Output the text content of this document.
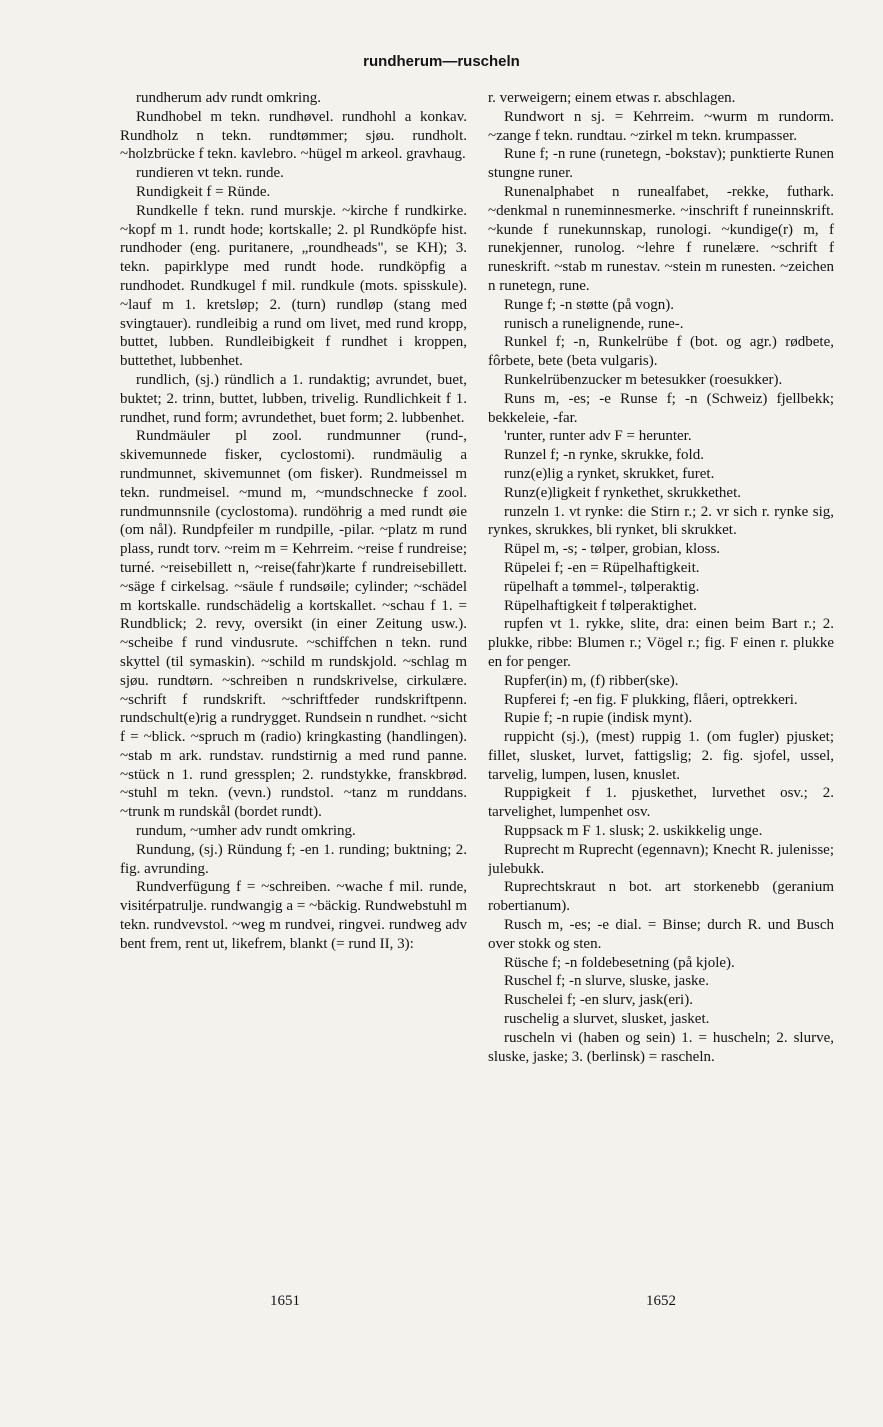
rundherum—ruscheln

rundherum adv rundt omkring.

Rundhobel m tekn. rundhøvel. rundhohl a konkav. Rundholz n tekn. rundtømmer; sjøu. rundholt. ~holzbrücke f tekn. kavlebro. ~hügel m arkeol. gravhaug.

rundieren vt tekn. runde.

Rundigkeit f = Ründe.

Rundkelle f tekn. rund murskje. ~kirche f rundkirke. ~kopf m 1. rundt hode; kortskalle; 2. pl Rundköpfe hist. rundhoder (eng. puritanere, „roundheads", se KH); 3. tekn. papirklype med rundt hode. rundköpfig a rundhodet. Rundkugel f mil. rundkule (mots. spisskule). ~lauf m 1. kretsløp; 2. (turn) rundløp (stang med svingtauer). rundleibig a rund om livet, med rund kropp, buttet, lubben. Rundleibigkeit f rundhet i kroppen, buttethet, lubbenhet.

rundlich, (sj.) ründlich a 1. rundaktig; avrundet, buet, buktet; 2. trinn, buttet, lubben, trivelig. Rundlichkeit f 1. rundhet, rund form; avrundethet, buet form; 2. lubbenhet.

Rundmäuler pl zool. rundmunner (rund-, skivemunnede fisker, cyclostomi). rundmäulig a rundmunnet, skivemunnet (om fisker). Rundmeissel m tekn. rundmeisel. ~mund m, ~mundschnecke f zool. rundmunnsnile (cyclostoma). rundöhrig a med rundt øie (om nål). Rundpfeiler m rundpille, -pilar. ~platz m rund plass, rundt torv. ~reim m = Kehrreim. ~reise f rundreise; turné. ~reisebillett n, ~reise(fahr)karte f rundreisebillett. ~säge f cirkelsag. ~säule f rundsøile; cylinder; ~schädel m kortskalle. rundschädelig a kortskallet. ~schau f 1. = Rundblick; 2. revy, oversikt (in einer Zeitung usw.). ~scheibe f rund vindusrute. ~schiffchen n tekn. rund skyttel (til symaskin). ~schild m rundskjold. ~schlag m sjøu. rundtørn. ~schreiben n rundskrivelse, cirkulære. ~schrift f rundskrift. ~schriftfeder rundskriftpenn. rundschult(e)rig a rundrygget. Rundsein n rundhet. ~sicht f = ~blick. ~spruch m (radio) kringkasting (handlingen). ~stab m ark. rundstav. rundstirnig a med rund panne. ~stück n 1. rund gressplen; 2. rundstykke, franskbrød. ~stuhl m tekn. (vevn.) rundstol. ~tanz m runddans. ~trunk m rundskål (bordet rundt).

rundum, ~umher adv rundt omkring.

Rundung, (sj.) Ründung f; -en 1. runding; buktning; 2. fig. avrunding.

Rundverfügung f = ~schreiben. ~wache f mil. runde, visitérpatrulje. rundwangig a = ~bäckig. Rundwebstuhl m tekn. rundvevstol. ~weg m rundvei, ringvei. rundweg adv bent frem, rent ut, likefrem, blankt (= rund II, 3):

r. verweigern; einem etwas r. abschlagen.

Rundwort n sj. = Kehrreim. ~wurm m rundorm. ~zange f tekn. rundtau. ~zirkel m tekn. krumpasser.

Rune f; -n rune (runetegn, -bokstav); punktierte Runen stungne runer.

Runenalphabet n runealfabet, -rekke, futhark. ~denkmal n runeminnesmerke. ~inschrift f runeinnskrift. ~kunde f runekunnskap, runologi. ~kundige(r) m, f runekjenner, runolog. ~lehre f runelære. ~schrift f runeskrift. ~stab m runestav. ~stein m runesten. ~zeichen n runetegn, rune.

Runge f; -n støtte (på vogn).

runisch a runelignende, rune-.

Runkel f; -n, Runkelrübe f (bot. og agr.) rødbete, fôrbete, bete (beta vulgaris).

Runkelrübenzucker m betesukker (roesukker).

Runs m, -es; -e Runse f; -n (Schweiz) fjellbekk; bekkeleie, -far.

'runter, runter adv F = herunter.

Runzel f; -n rynke, skrukke, fold.

runz(e)lig a rynket, skrukket, furet.

Runz(e)ligkeit f rynkethet, skrukkethet.

runzeln 1. vt rynke: die Stirn r.; 2. vr sich r. rynke sig, rynkes, skrukkes, bli rynket, bli skrukket.

Rüpel m, -s; - tølper, grobian, kloss.

Rüpelei f; -en = Rüpelhaftigkeit.

rüpelhaft a tømmel-, tølperaktig.

Rüpelhaftigkeit f tølperaktighet.

rupfen vt 1. rykke, slite, dra: einen beim Bart r.; 2. plukke, ribbe: Blumen r.; Vögel r.; fig. F einen r. plukke en for penger.

Rupfer(in) m, (f) ribber(ske).

Rupferei f; -en fig. F plukking, flåeri, optrekkeri.

Rupie f; -n rupie (indisk mynt).

ruppicht (sj.), (mest) ruppig 1. (om fugler) pjusket; fillet, slusket, lurvet, fattigslig; 2. fig. sjofel, ussel, tarvelig, lumpen, lusen, knuslet.

Ruppigkeit f 1. pjuskethet, lurvethet osv.; 2. tarvelighet, lumpenhet osv.

Ruppsack m F 1. slusk; 2. uskikkelig unge.

Ruprecht m Ruprecht (egennavn); Knecht R. julenisse; julebukk.

Ruprechtskraut n bot. art storkenebb (geranium robertianum).

Rusch m, -es; -e dial. = Binse; durch R. und Busch over stokk og sten.

Rüsche f; -n foldebesetning (på kjole).

Ruschel f; -n slurve, sluske, jaske.

Ruschelei f; -en slurv, jask(eri).

ruschelig a slurvet, slusket, jasket.

ruscheln vi (haben og sein) 1. = huscheln; 2. slurve, sluske, jaske; 3. (berlinsk) = rascheln.

1651	1652
